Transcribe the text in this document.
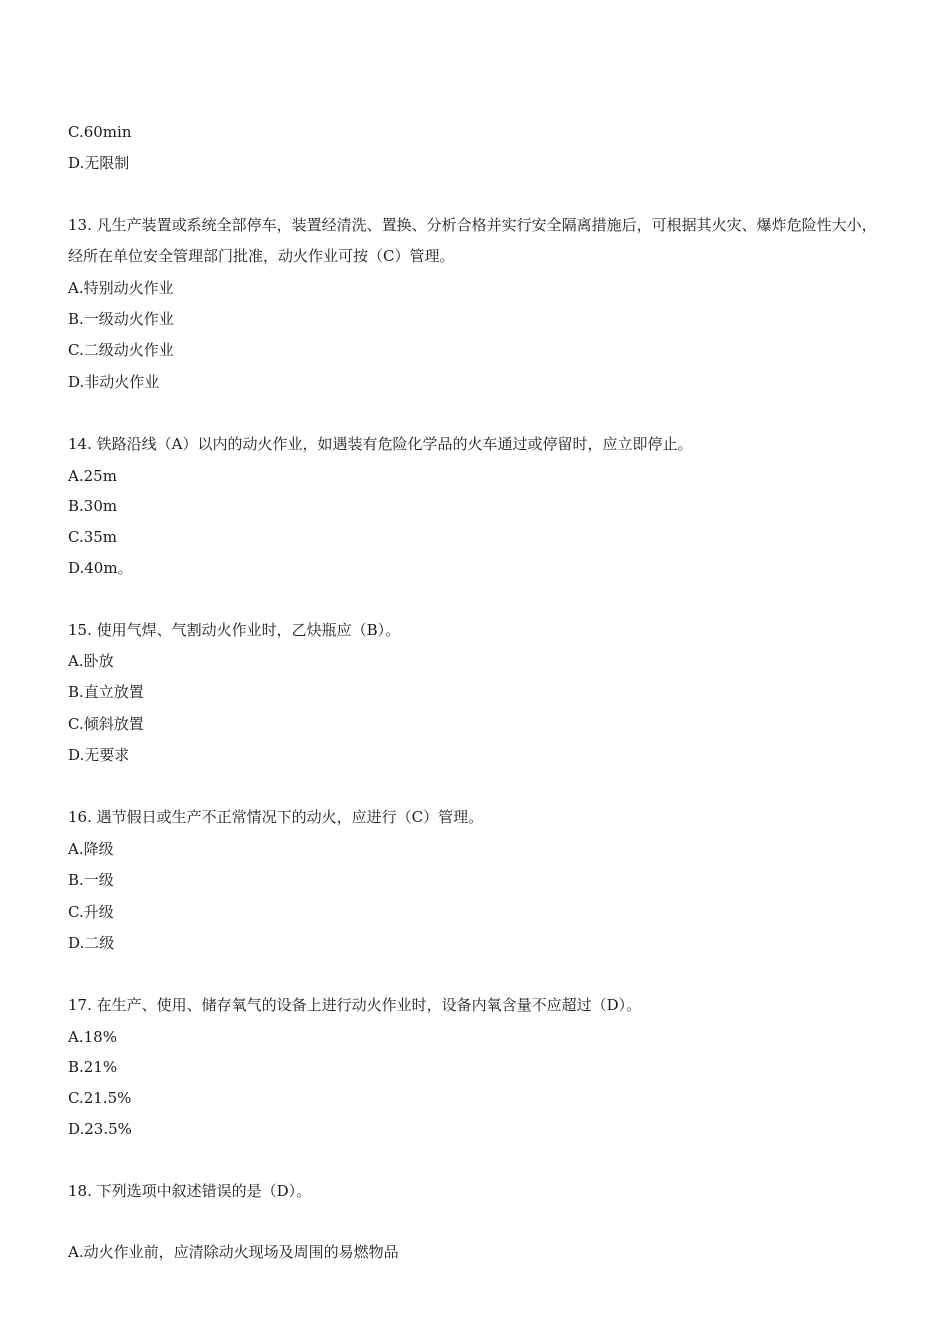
C.60min
D.无限制
13. 凡生产装置或系统全部停车，装置经清洗、置换、分析合格并实行安全隔离措施后，可根据其火灾、爆炸危险性大小，经所在单位安全管理部门批准，动火作业可按（C）管理。
A.特别动火作业
B.一级动火作业
C.二级动火作业
D.非动火作业
14. 铁路沿线（A）以内的动火作业，如遇装有危险化学品的火车通过或停留时，应立即停止。
A.25m
B.30m
C.35m
D.40m。
15. 使用气焊、气割动火作业时，乙炔瓶应（B）。
A.卧放
B.直立放置
C.倾斜放置
D.无要求
16. 遇节假日或生产不正常情况下的动火，应进行（C）管理。
A.降级
B.一级
C.升级
D.二级
17. 在生产、使用、储存氧气的设备上进行动火作业时，设备内氧含量不应超过（D）。
A.18%
B.21%
C.21.5%
D.23.5%
18. 下列选项中叙述错误的是（D）。
A.动火作业前，应清除动火现场及周围的易燃物品
